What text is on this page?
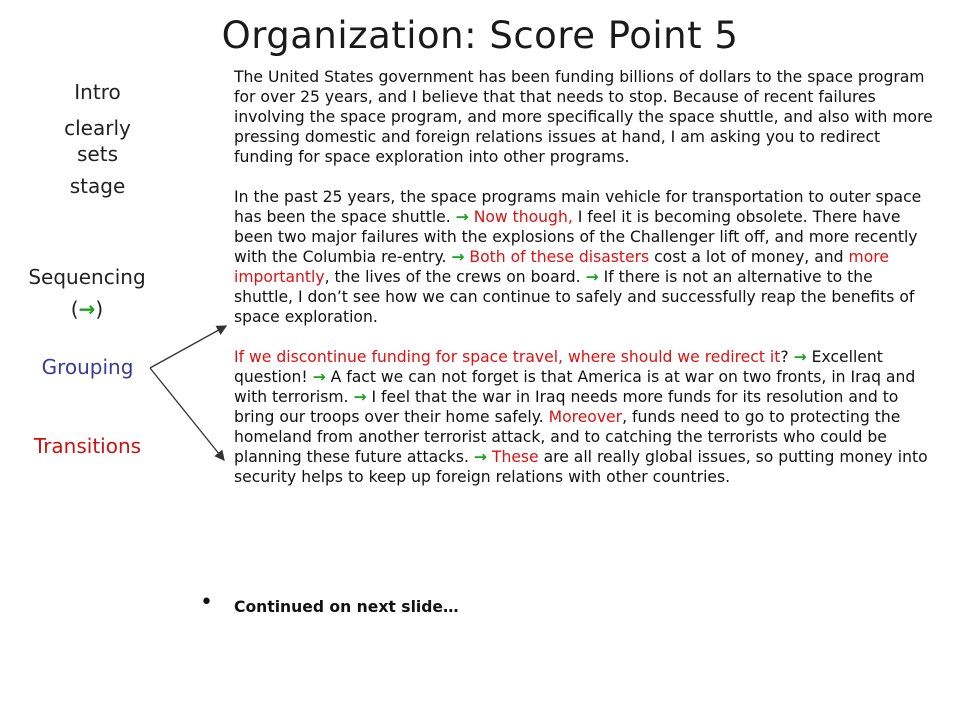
Organization: Score Point 5
Intro
clearly
sets
stage
Sequencing
(→)
Grouping
Transitions

The United States government has been funding billions of dollars to the space program for over 25 years, and I believe that that needs to stop. Because of recent failures involving the space program, and more specifically the space shuttle, and also with more pressing domestic and foreign relations issues at hand, I am asking you to redirect funding for space exploration into other programs.

In the past 25 years, the space programs main vehicle for transportation to outer space has been the space shuttle. → Now though, I feel it is becoming obsolete. There have been two major failures with the explosions of the Challenger lift off, and more recently with the Columbia re-entry. → Both of these disasters cost a lot of money, and more importantly, the lives of the crews on board. → If there is not an alternative to the shuttle, I don’t see how we can continue to safely and successfully reap the benefits of space exploration.

If we discontinue funding for space travel, where should we redirect it? → Excellent question! → A fact we can not forget is that America is at war on two fronts, in Iraq and with terrorism. → I feel that the war in Iraq needs more funds for its resolution and to bring our troops over their home safely. Moreover, funds need to go to protecting the homeland from another terrorist attack, and to catching the terrorists who could be planning these future attacks. → These are all really global issues, so putting money into security helps to keep up foreign relations with other countries.

• Continued on next slide…
